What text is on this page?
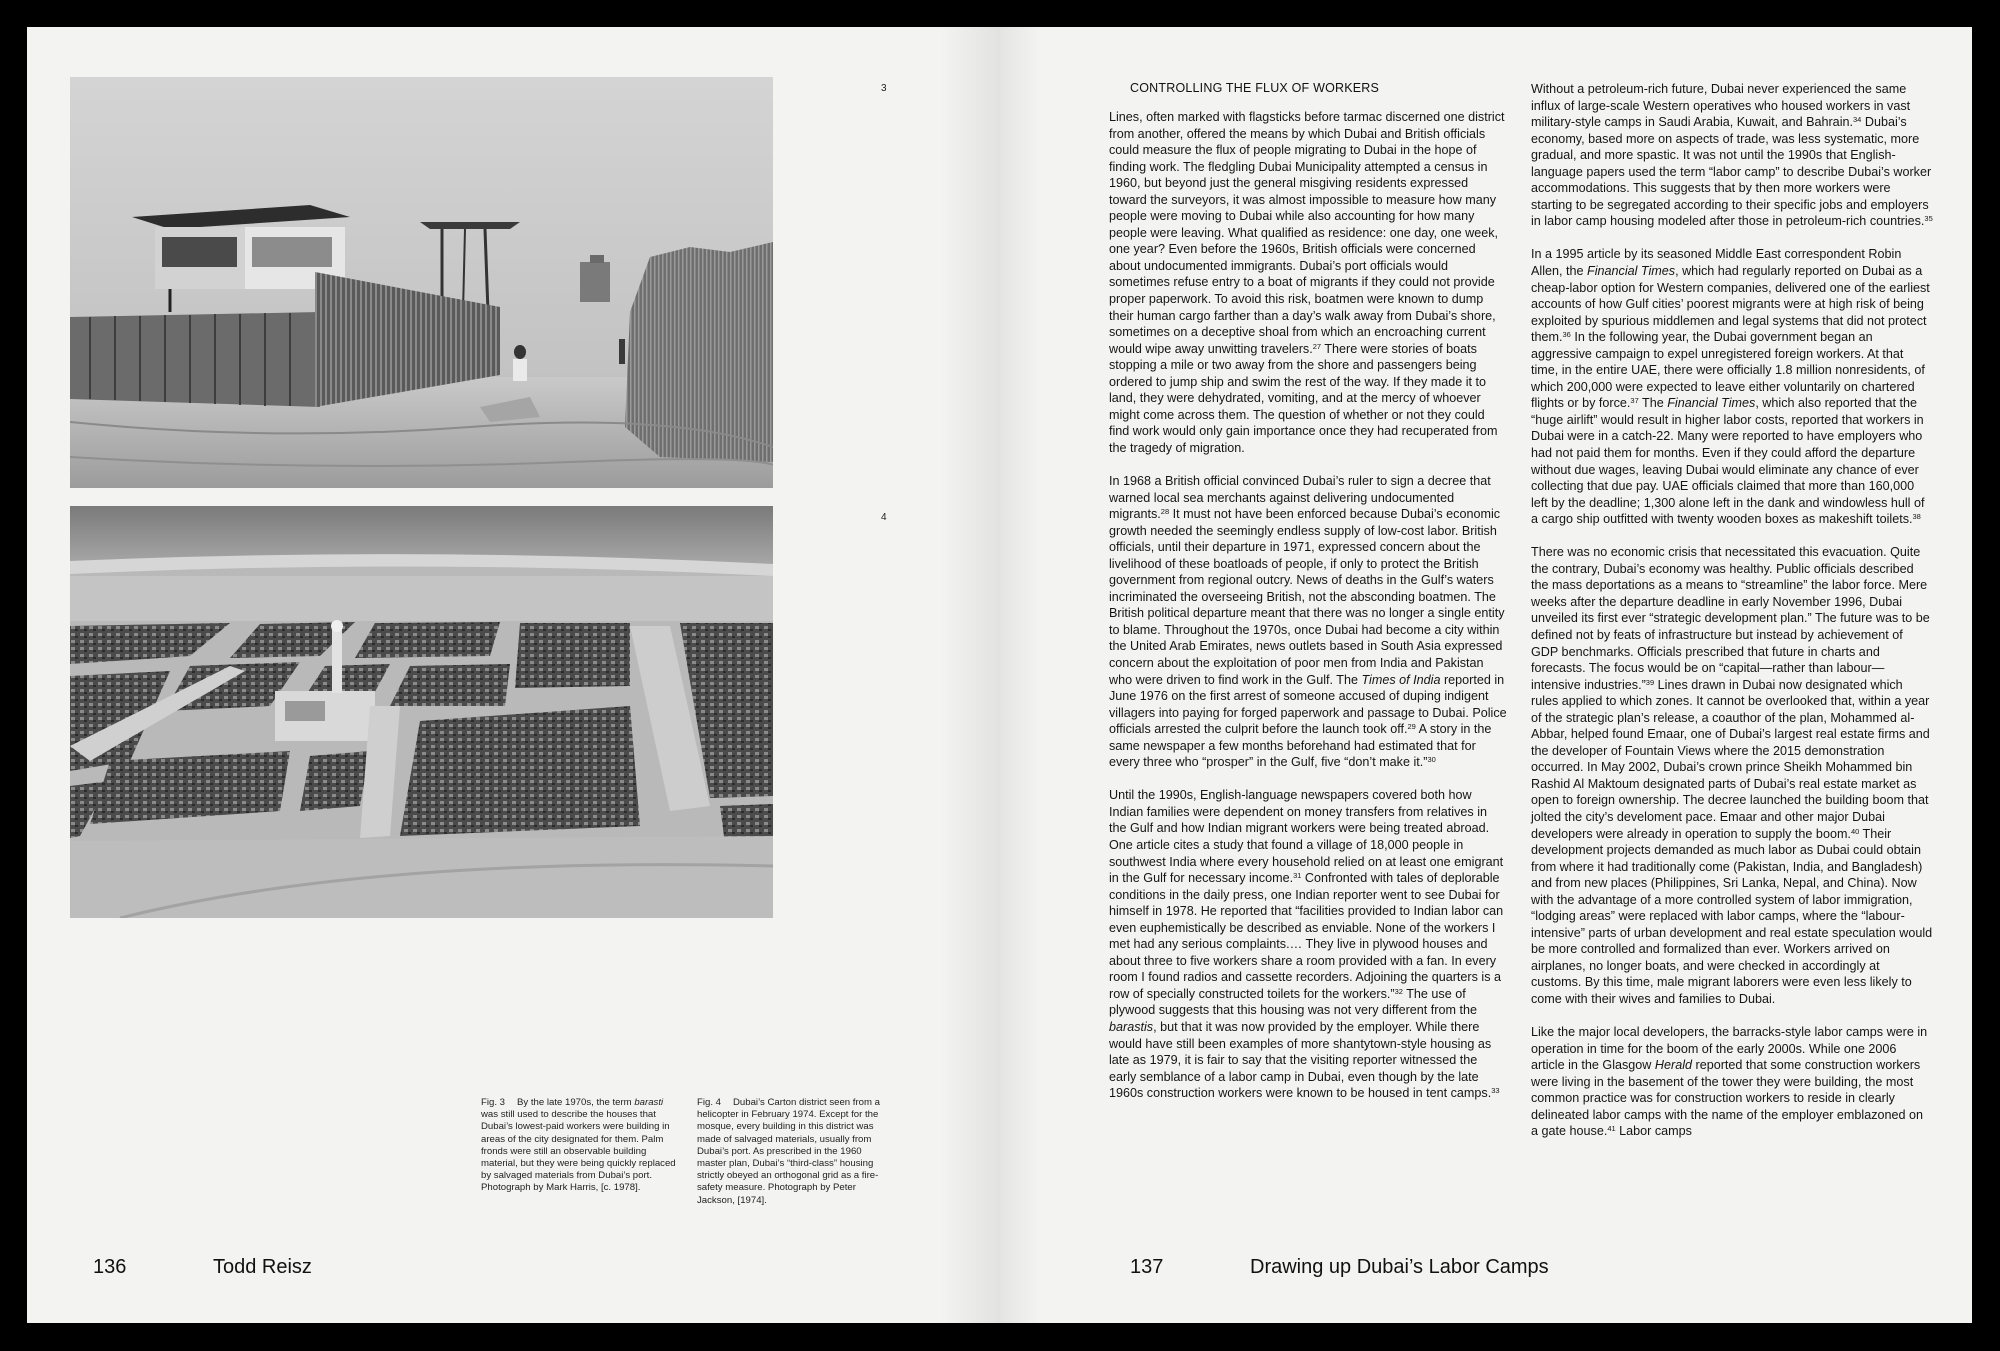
3
4
Fig. 3 By the late 1970s, the term barasti was still used to describe the houses that Dubai’s lowest-paid workers were building in areas of the city designated for them. Palm fronds were still an observable building material, but they were being quickly replaced by salvaged materials from Dubai’s port. Photograph by Mark Harris, [c. 1978].
Fig. 4 Dubai’s Carton district seen from a helicopter in February 1974. Except for the mosque, every building in this district was made of salvaged materials, usually from Dubai’s port. As prescribed in the 1960 master plan, Dubai’s “third-class” housing strictly obeyed an orthogonal grid as a fire-safety measure. Photograph by Peter Jackson, [1974].
136	Todd Reisz
CONTROLLING THE FLUX OF WORKERS

Lines, often marked with flagsticks before tarmac discerned one district from another, offered the means by which Dubai and British officials could measure the flux of people migrating to Dubai in the hope of finding work. The fledgling Dubai Municipality attempted a census in 1960, but beyond just the general misgiving residents expressed toward the surveyors, it was almost impossible to measure how many people were moving to Dubai while also accounting for how many people were leaving. What qualified as residence: one day, one week, one year? Even before the 1960s, British officials were concerned about undocumented immigrants. Dubai’s port officials would sometimes refuse entry to a boat of migrants if they could not provide proper paperwork. To avoid this risk, boatmen were known to dump their human cargo farther than a day’s walk away from Dubai’s shore, sometimes on a deceptive shoal from which an encroaching current would wipe away unwitting travelers.$^{27}$ There were stories of boats stopping a mile or two away from the shore and passengers being ordered to jump ship and swim the rest of the way. If they made it to land, they were dehydrated, vomiting, and at the mercy of whoever might come across them. The question of whether or not they could find work would only gain importance once they had recuperated from the tragedy of migration.

In 1968 a British official convinced Dubai’s ruler to sign a decree that warned local sea merchants against delivering undocumented migrants.$^{28}$ It must not have been enforced because Dubai’s economic growth needed the seemingly endless supply of low-cost labor. British officials, until their departure in 1971, expressed concern about the livelihood of these boatloads of people, if only to protect the British government from regional outcry. News of deaths in the Gulf’s waters incriminated the overseeing British, not the absconding boatmen. The British political departure meant that there was no longer a single entity to blame. Throughout the 1970s, once Dubai had become a city within the United Arab Emirates, news outlets based in South Asia expressed concern about the exploitation of poor men from India and Pakistan who were driven to find work in the Gulf. The Times of India reported in June 1976 on the first arrest of someone accused of duping indigent villagers into paying for forged paperwork and passage to Dubai. Police officials arrested the culprit before the launch took off.$^{29}$ A story in the same newspaper a few months beforehand had estimated that for every three who “prosper” in the Gulf, five “don’t make it.”$^{30}$

Until the 1990s, English-language newspapers covered both how Indian families were dependent on money transfers from relatives in the Gulf and how Indian migrant workers were being treated abroad. One article cites a study that found a village of 18,000 people in southwest India where every household relied on at least one emigrant in the Gulf for necessary income.$^{31}$ Confronted with tales of deplorable conditions in the daily press, one Indian reporter went to see Dubai for himself in 1978. He reported that “facilities provided to Indian labor can even euphemistically be described as enviable. None of the workers I met had any serious complaints.… They live in plywood houses and about three to five workers share a room provided with a fan. In every room I found radios and cassette recorders. Adjoining the quarters is a row of specially constructed toilets for the workers.”$^{32}$ The use of plywood suggests that this housing was not very different from the barastis, but that it was now provided by the employer. While there would have still been examples of more shantytown-style housing as late as 1979, it is fair to say that the visiting reporter witnessed the early semblance of a labor camp in Dubai, even though by the late 1960s construction workers were known to be housed in tent camps.$^{33}$

Without a petroleum-rich future, Dubai never experienced the same influx of large-scale Western operatives who housed workers in vast military-style camps in Saudi Arabia, Kuwait, and Bahrain.$^{34}$ Dubai’s economy, based more on aspects of trade, was less systematic, more gradual, and more spastic. It was not until the 1990s that English-language papers used the term “labor camp” to describe Dubai’s worker accommodations. This suggests that by then more workers were starting to be segregated according to their specific jobs and employers in labor camp housing modeled after those in petroleum-rich countries.$^{35}$

In a 1995 article by its seasoned Middle East correspondent Robin Allen, the Financial Times, which had regularly reported on Dubai as a cheap-labor option for Western companies, delivered one of the earliest accounts of how Gulf cities’ poorest migrants were at high risk of being exploited by spurious middlemen and legal systems that did not protect them.$^{36}$ In the following year, the Dubai government began an aggressive campaign to expel unregistered foreign workers. At that time, in the entire UAE, there were officially 1.8 million nonresidents, of which 200,000 were expected to leave either voluntarily on chartered flights or by force.$^{37}$ The Financial Times, which also reported that the “huge airlift” would result in higher labor costs, reported that workers in Dubai were in a catch-22. Many were reported to have employers who had not paid them for months. Even if they could afford the departure without due wages, leaving Dubai would eliminate any chance of ever collecting that due pay. UAE officials claimed that more than 160,000 left by the deadline; 1,300 alone left in the dank and windowless hull of a cargo ship outfitted with twenty wooden boxes as makeshift toilets.$^{38}$

There was no economic crisis that necessitated this evacuation. Quite the contrary, Dubai’s economy was healthy. Public officials described the mass deportations as a means to “streamline” the labor force. Mere weeks after the departure deadline in early November 1996, Dubai unveiled its first ever “strategic development plan.” The future was to be defined not by feats of infrastructure but instead by achievement of GDP benchmarks. Officials prescribed that future in charts and forecasts. The focus would be on “capital—rather than labour—intensive industries.”$^{39}$ Lines drawn in Dubai now designated which rules applied to which zones. It cannot be overlooked that, within a year of the strategic plan’s release, a coauthor of the plan, Mohammed al-Abbar, helped found Emaar, one of Dubai’s largest real estate firms and the developer of Fountain Views where the 2015 demonstration occurred. In May 2002, Dubai’s crown prince Sheikh Mohammed bin Rashid Al Maktoum designated parts of Dubai’s real estate market as open to foreign ownership. The decree launched the building boom that jolted the city’s develoment pace. Emaar and other major Dubai developers were already in operation to supply the boom.$^{40}$ Their development projects demanded as much labor as Dubai could obtain from where it had traditionally come (Pakistan, India, and Bangladesh) and from new places (Philippines, Sri Lanka, Nepal, and China). Now with the advantage of a more controlled system of labor immigration, “lodging areas” were replaced with labor camps, where the “labour-intensive” parts of urban development and real estate speculation would be more controlled and formalized than ever. Workers arrived on airplanes, no longer boats, and were checked in accordingly at customs. By this time, male migrant laborers were even less likely to come with their wives and families to Dubai.

Like the major local developers, the barracks-style labor camps were in operation in time for the boom of the early 2000s. While one 2006 article in the Glasgow Herald reported that some construction workers were living in the basement of the tower they were building, the most common practice was for construction workers to reside in clearly delineated labor camps with the name of the employer emblazoned on a gate house.$^{41}$ Labor camps

137	Drawing up Dubai’s Labor Camps
